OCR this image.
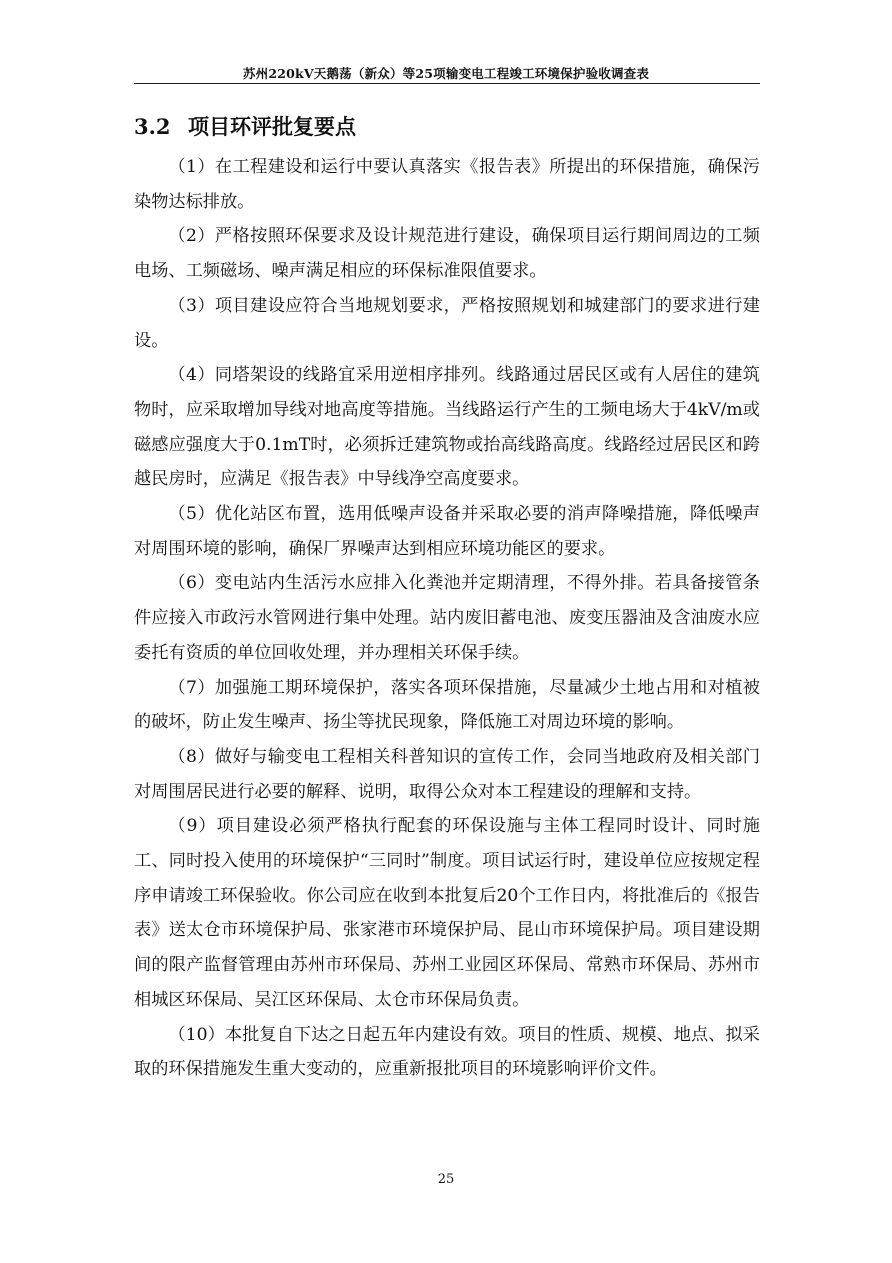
苏州220kV天鹅荡（新众）等25项输变电工程竣工环境保护验收调查表
3.2 项目环评批复要点

（1）在工程建设和运行中要认真落实《报告表》所提出的环保措施，确保污染物达标排放。

（2）严格按照环保要求及设计规范进行建设，确保项目运行期间周边的工频电场、工频磁场、噪声满足相应的环保标准限值要求。

（3）项目建设应符合当地规划要求，严格按照规划和城建部门的要求进行建设。

（4）同塔架设的线路宜采用逆相序排列。线路通过居民区或有人居住的建筑物时，应采取增加导线对地高度等措施。当线路运行产生的工频电场大于4kV/m或磁感应强度大于0.1mT时，必须拆迁建筑物或抬高线路高度。线路经过居民区和跨越民房时，应满足《报告表》中导线净空高度要求。

（5）优化站区布置，选用低噪声设备并采取必要的消声降噪措施，降低噪声对周围环境的影响，确保厂界噪声达到相应环境功能区的要求。

（6）变电站内生活污水应排入化粪池并定期清理，不得外排。若具备接管条件应接入市政污水管网进行集中处理。站内废旧蓄电池、废变压器油及含油废水应委托有资质的单位回收处理，并办理相关环保手续。

（7）加强施工期环境保护，落实各项环保措施，尽量减少土地占用和对植被的破坏，防止发生噪声、扬尘等扰民现象，降低施工对周边环境的影响。

（8）做好与输变电工程相关科普知识的宣传工作，会同当地政府及相关部门对周围居民进行必要的解释、说明，取得公众对本工程建设的理解和支持。

（9）项目建设必须严格执行配套的环保设施与主体工程同时设计、同时施工、同时投入使用的环境保护“三同时”制度。项目试运行时，建设单位应按规定程序申请竣工环保验收。你公司应在收到本批复后20个工作日内，将批准后的《报告表》送太仓市环境保护局、张家港市环境保护局、昆山市环境保护局。项目建设期间的限产监督管理由苏州市环保局、苏州工业园区环保局、常熟市环保局、苏州市相城区环保局、吴江区环保局、太仓市环保局负责。

（10）本批复自下达之日起五年内建设有效。项目的性质、规模、地点、拟采取的环保措施发生重大变动的，应重新报批项目的环境影响评价文件。

25
